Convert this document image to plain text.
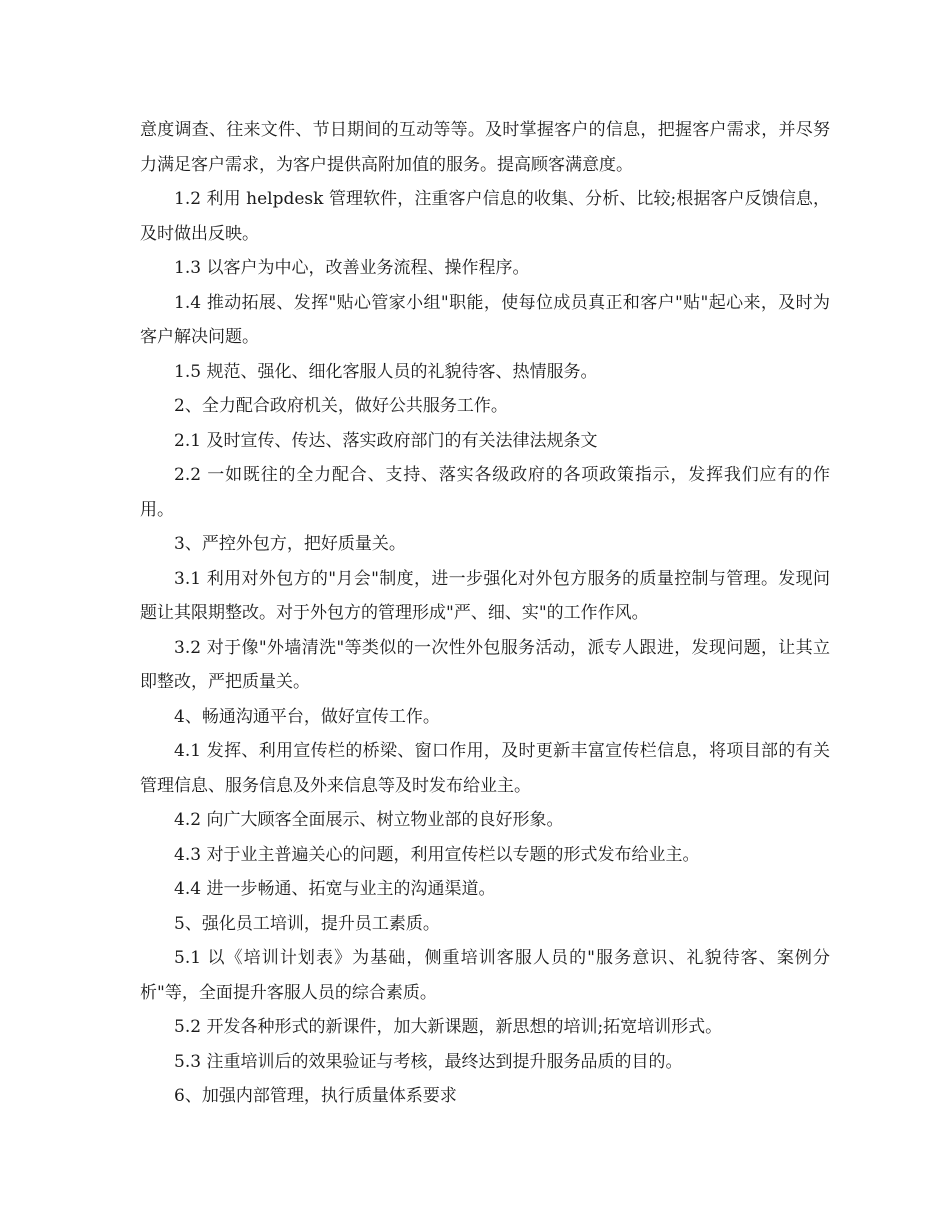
意度调查、往来文件、节日期间的互动等等。及时掌握客户的信息，把握客户需求，并尽努力满足客户需求，为客户提供高附加值的服务。提高顾客满意度。

1.2 利用 helpdesk 管理软件，注重客户信息的收集、分析、比较;根据客户反馈信息，及时做出反映。

1.3 以客户为中心，改善业务流程、操作程序。

1.4 推动拓展、发挥"贴心管家小组"职能，使每位成员真正和客户"贴"起心来，及时为客户解决问题。

1.5 规范、强化、细化客服人员的礼貌待客、热情服务。

2、全力配合政府机关，做好公共服务工作。

2.1 及时宣传、传达、落实政府部门的有关法律法规条文

2.2 一如既往的全力配合、支持、落实各级政府的各项政策指示，发挥我们应有的作用。

3、严控外包方，把好质量关。

3.1 利用对外包方的"月会"制度，进一步强化对外包方服务的质量控制与管理。发现问题让其限期整改。对于外包方的管理形成"严、细、实"的工作作风。

3.2 对于像"外墙清洗"等类似的一次性外包服务活动，派专人跟进，发现问题，让其立即整改，严把质量关。

4、畅通沟通平台，做好宣传工作。

4.1 发挥、利用宣传栏的桥梁、窗口作用，及时更新丰富宣传栏信息，将项目部的有关管理信息、服务信息及外来信息等及时发布给业主。

4.2 向广大顾客全面展示、树立物业部的良好形象。

4.3 对于业主普遍关心的问题，利用宣传栏以专题的形式发布给业主。

4.4 进一步畅通、拓宽与业主的沟通渠道。

5、强化员工培训，提升员工素质。

5.1 以《培训计划表》为基础，侧重培训客服人员的"服务意识、礼貌待客、案例分析"等，全面提升客服人员的综合素质。

5.2 开发各种形式的新课件，加大新课题，新思想的培训;拓宽培训形式。

5.3 注重培训后的效果验证与考核，最终达到提升服务品质的目的。

6、加强内部管理，执行质量体系要求
